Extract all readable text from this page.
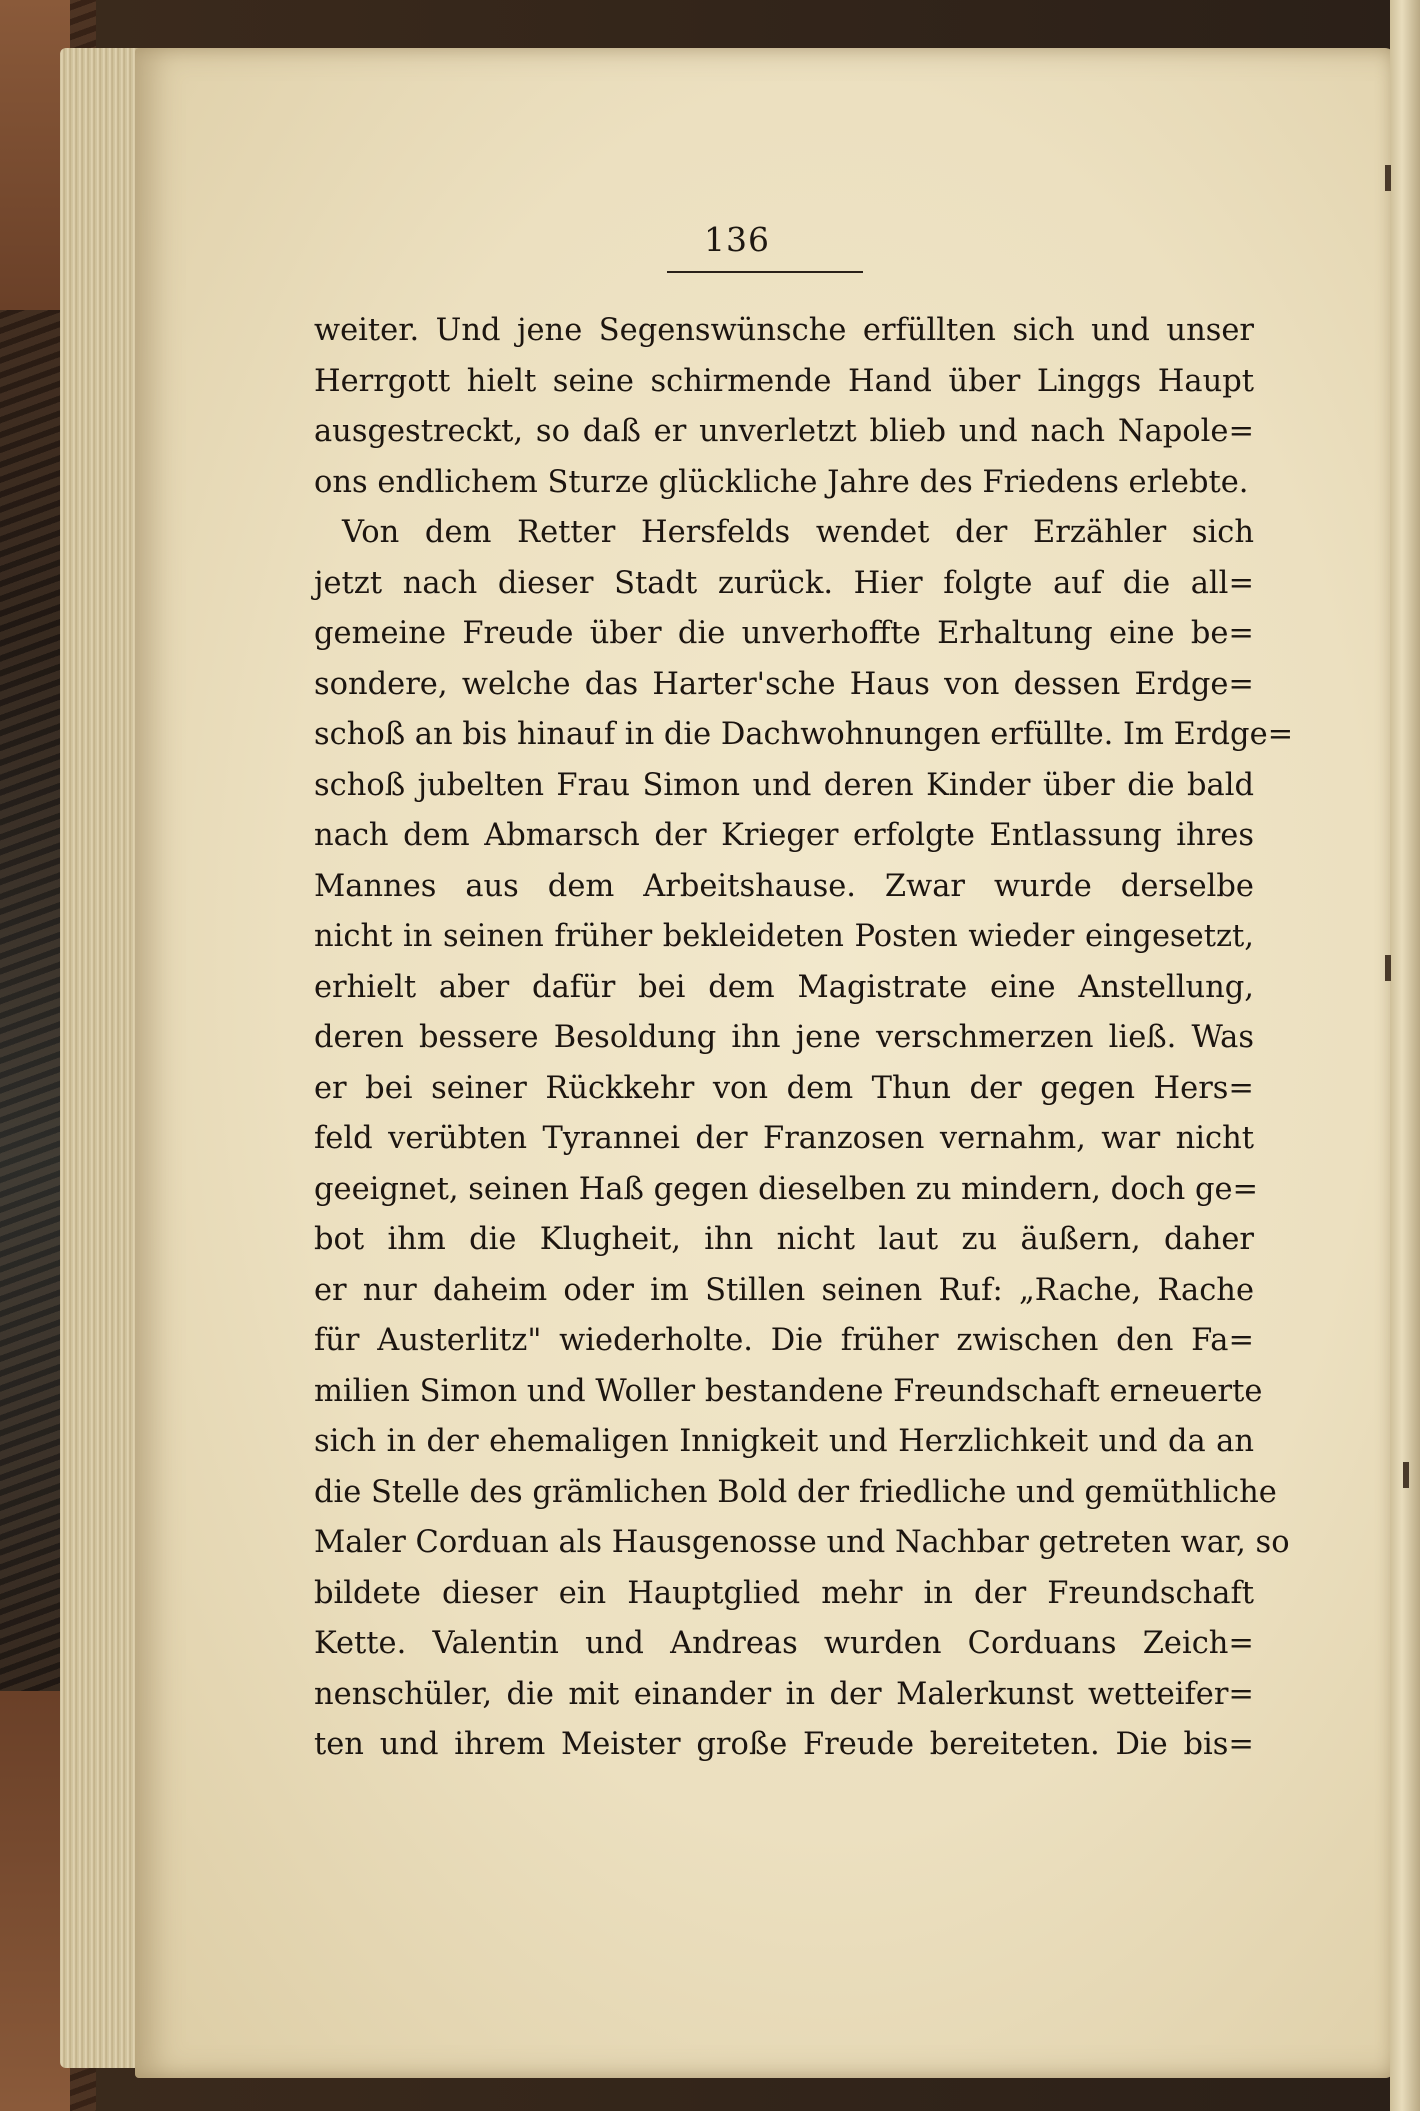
136
weiter. Und jene Segenswünsche erfüllten sich und unser
Herrgott hielt seine schirmende Hand über Linggs Haupt
ausgestreckt, so daß er unverletzt blieb und nach Napole=
ons endlichem Sturze glückliche Jahre des Friedens erlebte.
Von dem Retter Hersfelds wendet der Erzähler sich
jetzt nach dieser Stadt zurück. Hier folgte auf die all=
gemeine Freude über die unverhoffte Erhaltung eine be=
sondere, welche das Harter'sche Haus von dessen Erdge=
schoß an bis hinauf in die Dachwohnungen erfüllte. Im Erdge=
schoß jubelten Frau Simon und deren Kinder über die bald
nach dem Abmarsch der Krieger erfolgte Entlassung ihres
Mannes aus dem Arbeitshause. Zwar wurde derselbe
nicht in seinen früher bekleideten Posten wieder eingesetzt,
erhielt aber dafür bei dem Magistrate eine Anstellung,
deren bessere Besoldung ihn jene verschmerzen ließ. Was
er bei seiner Rückkehr von dem Thun der gegen Hers=
feld verübten Tyrannei der Franzosen vernahm, war nicht
geeignet, seinen Haß gegen dieselben zu mindern, doch ge=
bot ihm die Klugheit, ihn nicht laut zu äußern, daher
er nur daheim oder im Stillen seinen Ruf: „Rache, Rache
für Austerlitz" wiederholte. Die früher zwischen den Fa=
milien Simon und Woller bestandene Freundschaft erneuerte
sich in der ehemaligen Innigkeit und Herzlichkeit und da an
die Stelle des grämlichen Bold der friedliche und gemüthliche
Maler Corduan als Hausgenosse und Nachbar getreten war, so
bildete dieser ein Hauptglied mehr in der Freundschaft
Kette. Valentin und Andreas wurden Corduans Zeich=
nenschüler, die mit einander in der Malerkunst wetteifer=
ten und ihrem Meister große Freude bereiteten. Die bis=
